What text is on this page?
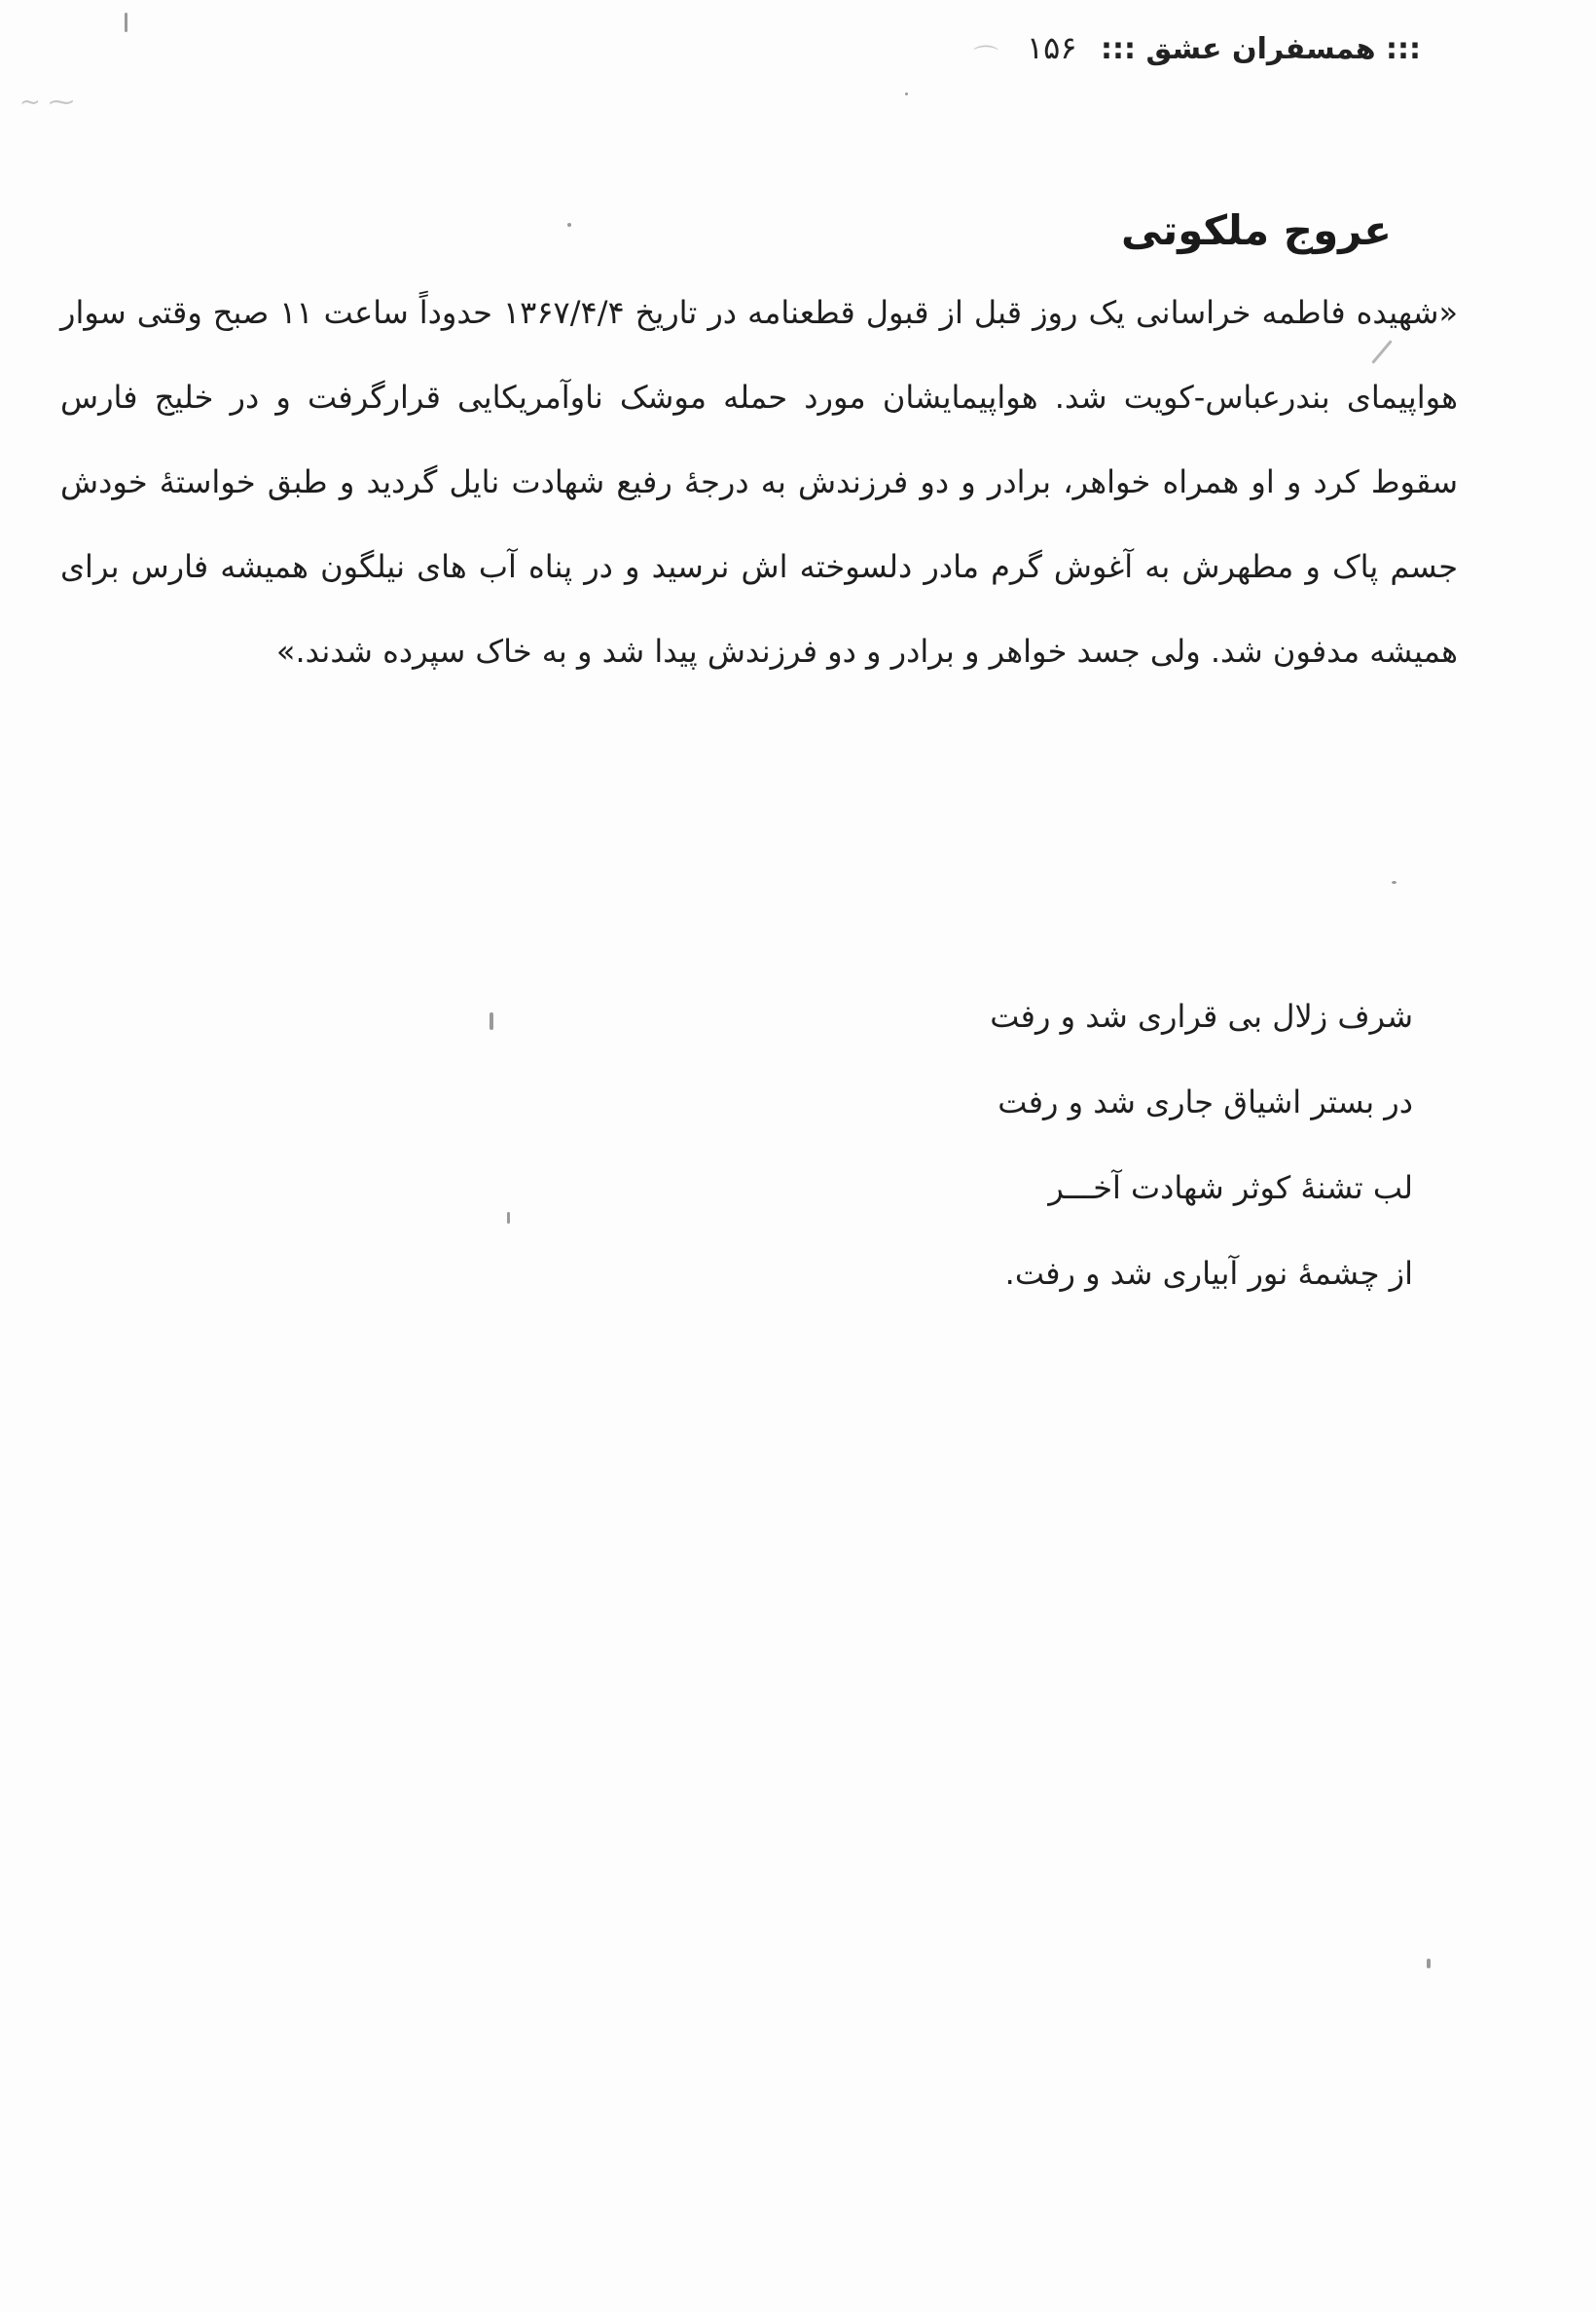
::: همسفران عشق ::: ۱۵۶
عروج ملکوتی

«شهیده فاطمه خراسانی یک روز قبل از قبول قطعنامه در تاریخ ۱۳۶۷/۴/۴ حدوداً ساعت ۱۱ صبح وقتی سوار هواپیمای بندرعباس-کویت شد. هواپیمایشان مورد حمله موشک ناوآمریکایی قرارگرفت و در خلیج فارس سقوط کرد و او همراه خواهر، برادر و دو فرزندش به درجهٔ رفیع شهادت نایل گردید و طبق خواستهٔ خودش جسم پاک و مطهرش به آغوش گرم مادر دلسوخته اش نرسید و در پناه آب های نیلگون همیشه فارس برای همیشه مدفون شد. ولی جسد خواهر و برادر و دو فرزندش پیدا شد و به خاک سپرده شدند.»

شرف زلال بی قراری شد و رفت
در بستر اشیاق جاری شد و رفت
لب تشنهٔ کوثر شهادت آخـــر
از چشمهٔ نور آبیاری شد و رفت.
~ ⁓
⌒
